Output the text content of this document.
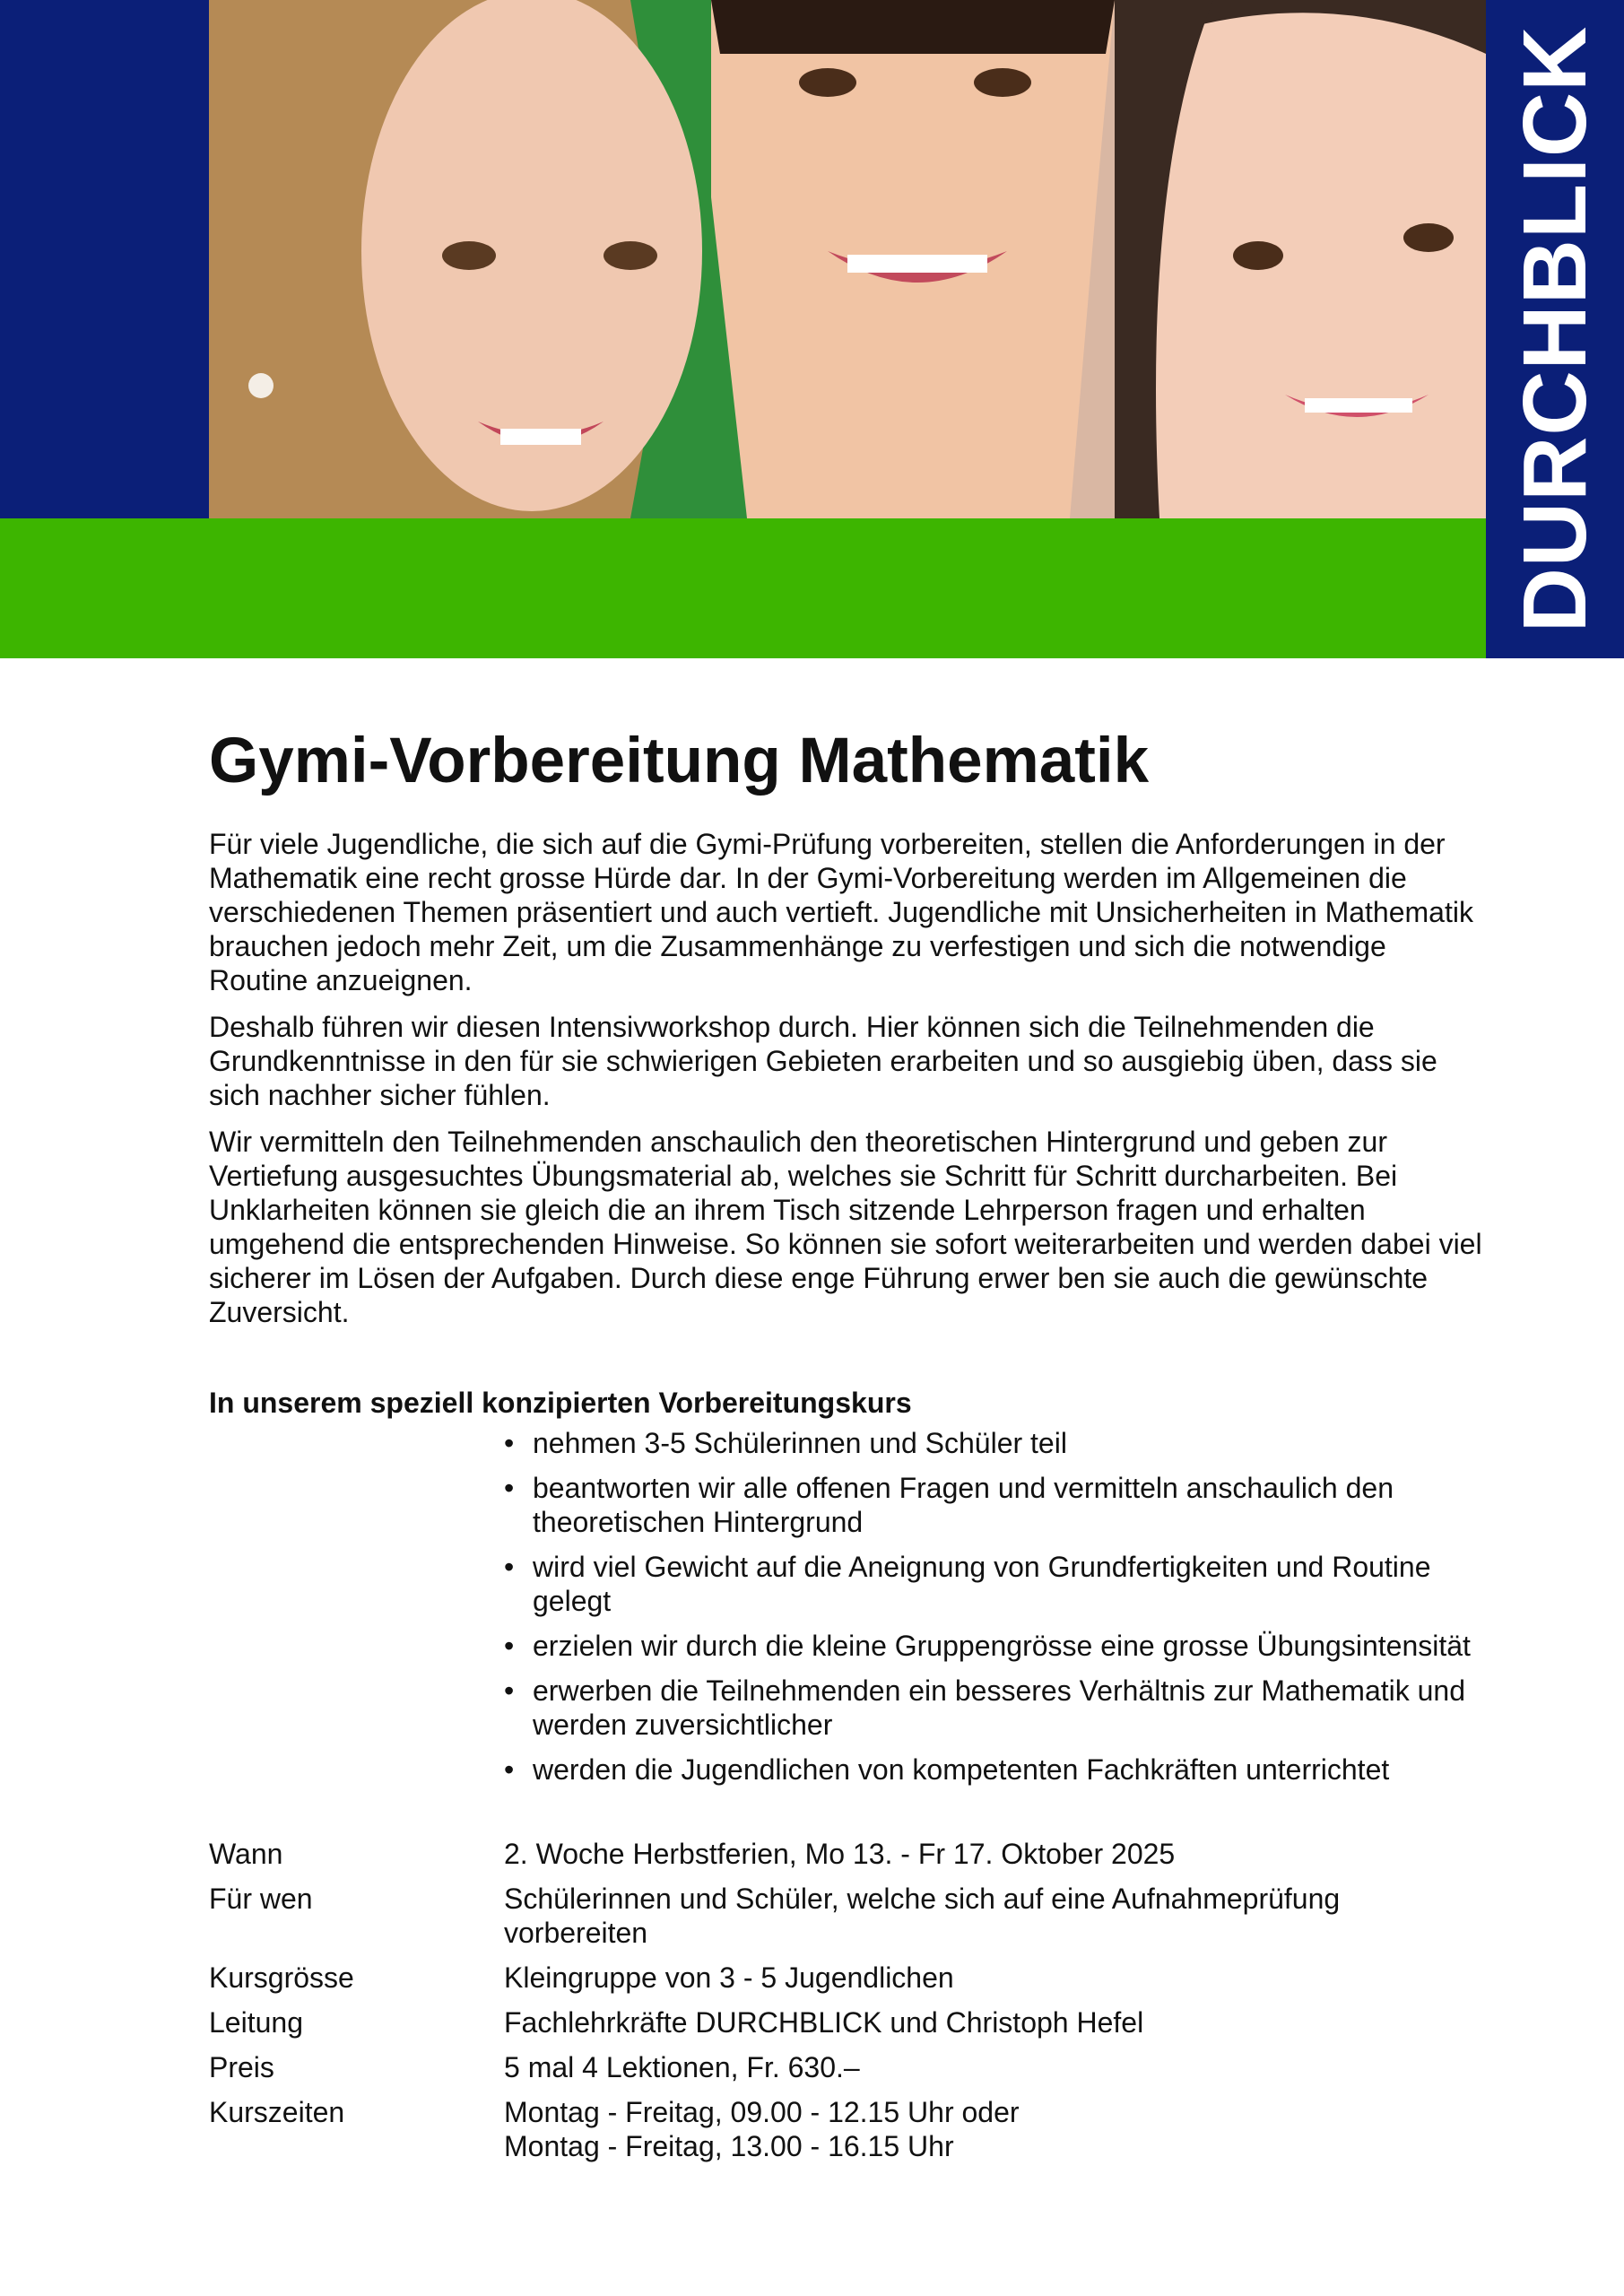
DURCHBLICK
Gymi-Vorbereitung Mathematik

Für viele Jugendliche, die sich auf die Gymi-Prüfung vorbereiten, stellen die Anforderungen in der Mathematik eine recht grosse Hürde dar. In der Gymi-Vorbereitung werden im Allgemeinen die verschiedenen Themen präsentiert und auch vertieft. Jugendliche mit Unsicherheiten in Mathematik brauchen jedoch mehr Zeit, um die Zusammenhänge zu verfestigen und sich die notwendige Routine anzueignen.

Deshalb führen wir diesen Intensivworkshop durch. Hier können sich die Teilnehmenden die Grundkenntnisse in den für sie schwierigen Gebieten erarbeiten und so ausgiebig üben, dass sie sich nachher sicher fühlen.

Wir vermitteln den Teilnehmenden anschaulich den theoretischen Hintergrund und geben zur Vertiefung ausgesuchtes Übungsmaterial ab, welches sie Schritt für Schritt durcharbeiten. Bei Unklarheiten können sie gleich die an ihrem Tisch sitzende Lehrperson fragen und erhalten umgehend die entsprechenden Hinweise. So können sie sofort weiterarbeiten und werden dabei viel sicherer im Lösen der Aufgaben. Durch diese enge Führung erwer ben sie auch die gewünschte Zuversicht.

In unserem speziell konzipierten Vorbereitungskurs
• nehmen 3-5 Schülerinnen und Schüler teil
• beantworten wir alle offenen Fragen und vermitteln anschaulich den theoretischen Hintergrund
• wird viel Gewicht auf die Aneignung von Grundfertigkeiten und Routine gelegt
• erzielen wir durch die kleine Gruppengrösse eine grosse Übungsintensität
• erwerben die Teilnehmenden ein besseres Verhältnis zur Mathematik und werden zuversichtlicher
• werden die Jugendlichen von kompetenten Fachkräften unterrichtet
Wann	2. Woche Herbstferien, Mo 13. - Fr 17. Oktober 2025
Für wen	Schülerinnen und Schüler, welche sich auf eine Aufnahmeprüfung vorbereiten
Kursgrösse	Kleingruppe von 3 - 5 Jugendlichen
Leitung	Fachlehrkräfte DURCHBLICK und Christoph Hefel
Preis	5 mal 4 Lektionen, Fr. 630.–
Kurszeiten	Montag - Freitag, 09.00 - 12.15 Uhr oder
Montag - Freitag, 13.00 - 16.15 Uhr
